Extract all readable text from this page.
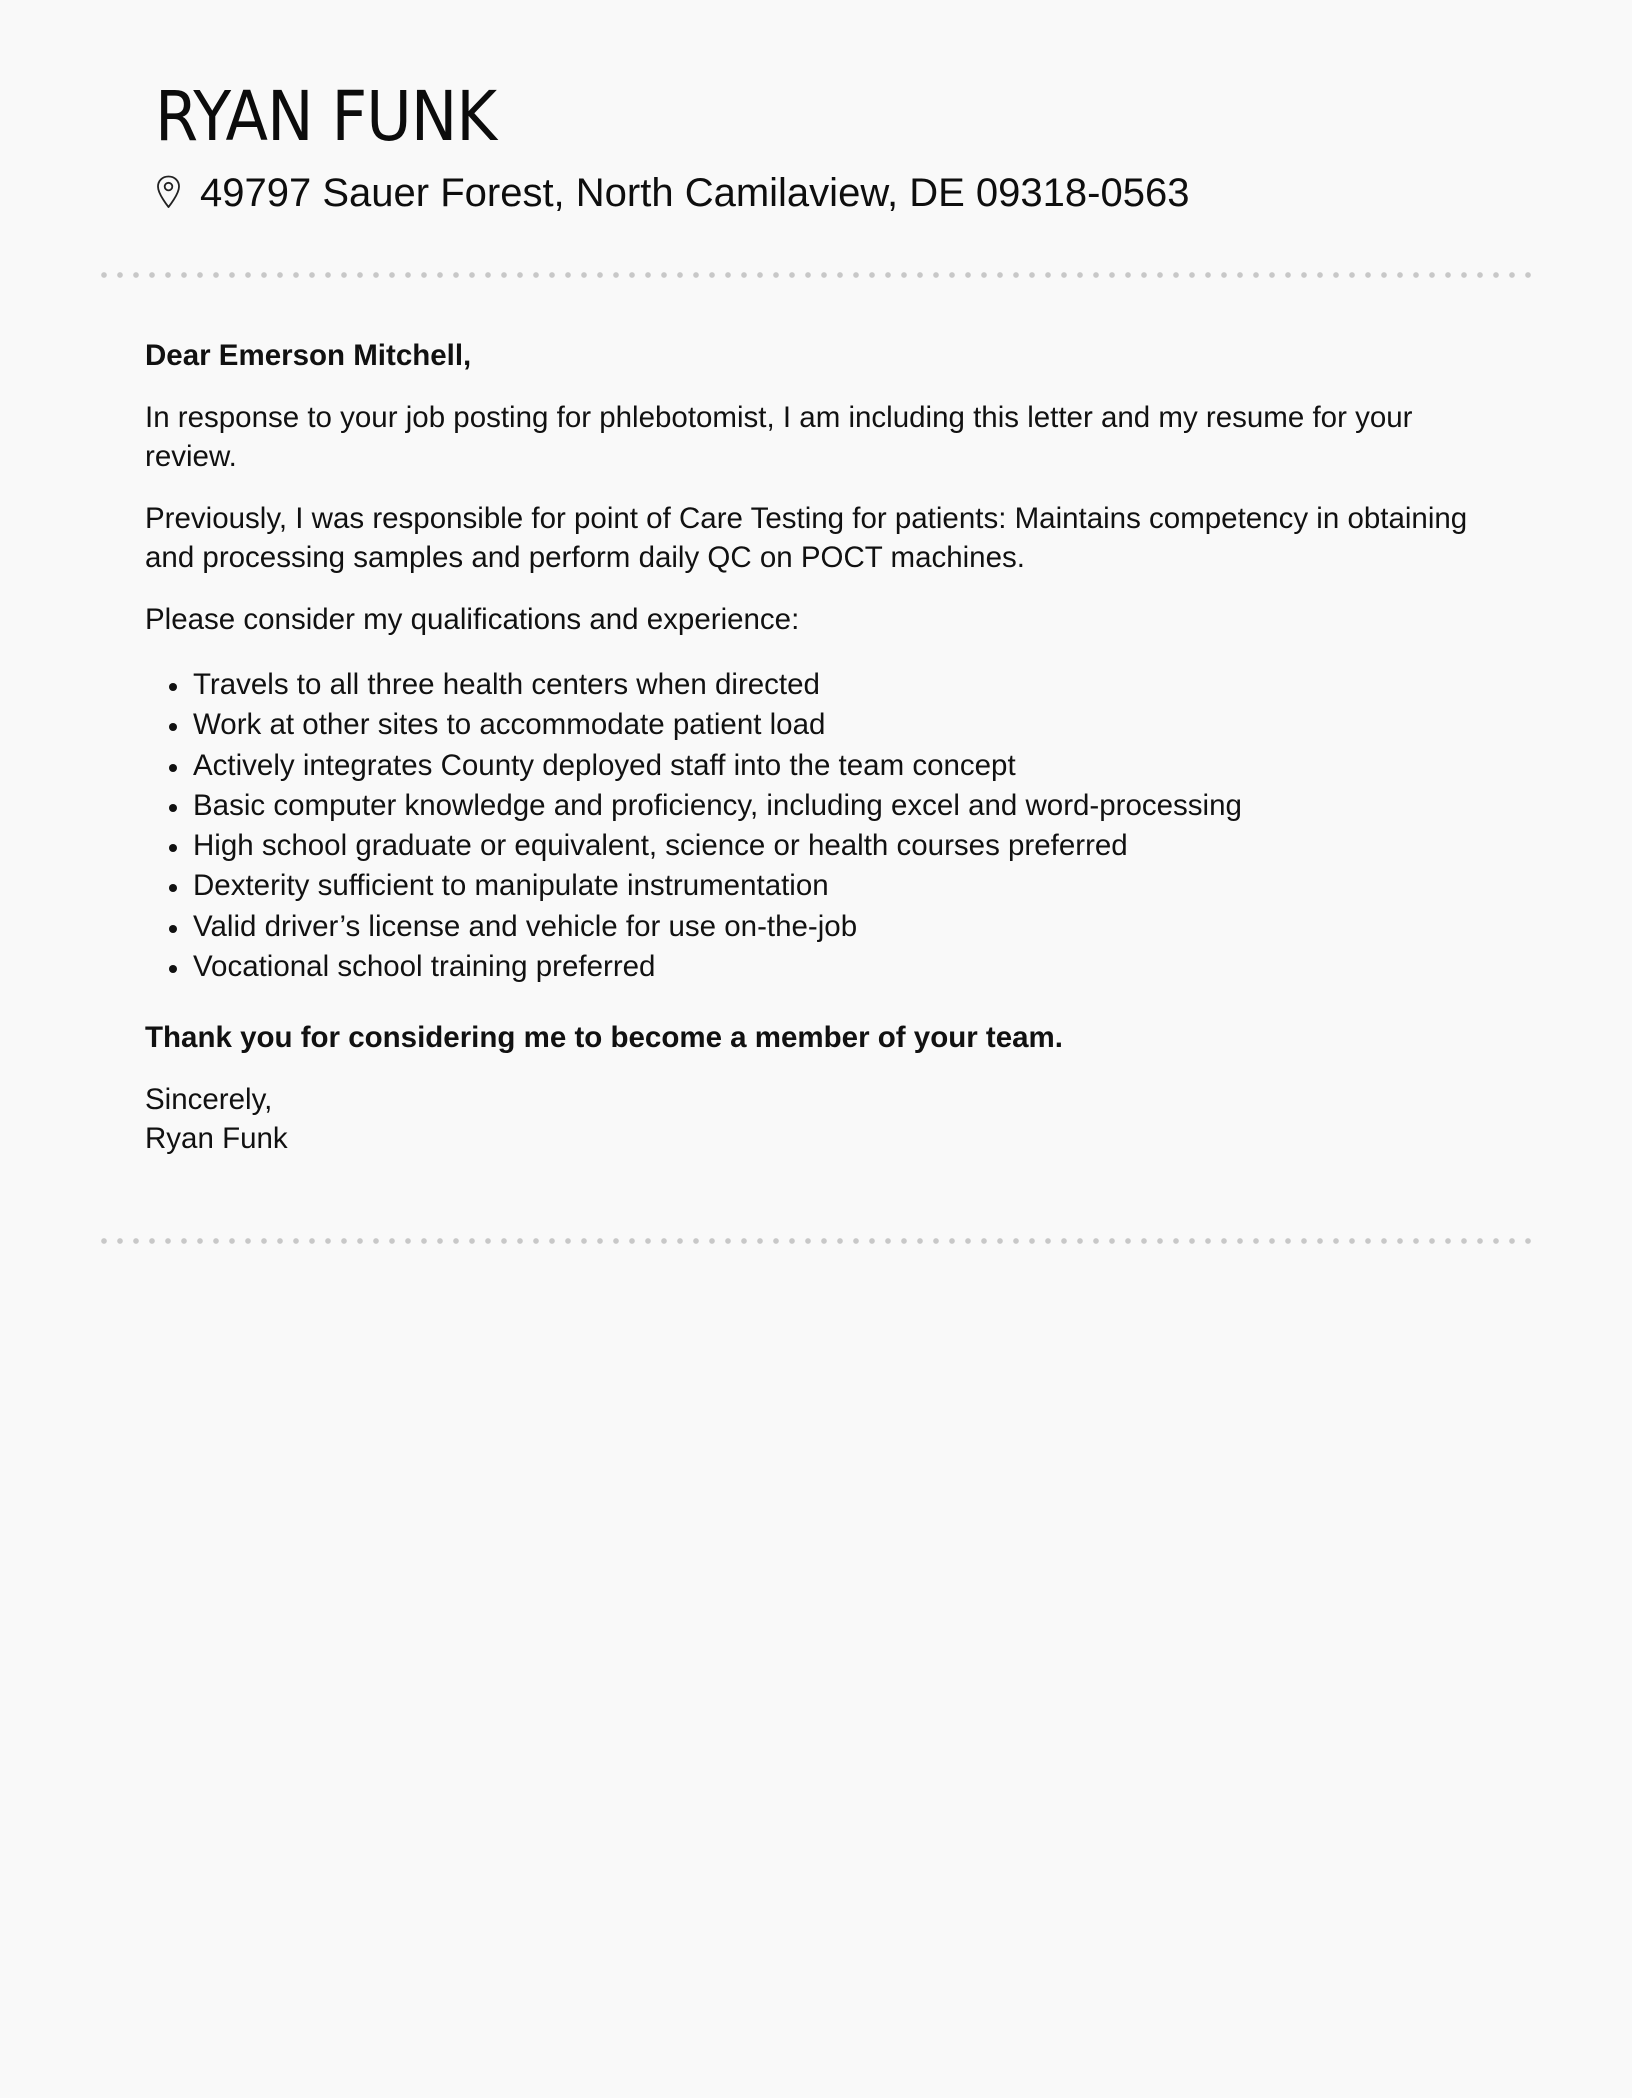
RYAN FUNK
49797 Sauer Forest, North Camilaview, DE 09318-0563

Dear Emerson Mitchell,

In response to your job posting for phlebotomist, I am including this letter and my resume for your review.

Previously, I was responsible for point of Care Testing for patients: Maintains competency in obtaining and processing samples and perform daily QC on POCT machines.

Please consider my qualifications and experience:

Travels to all three health centers when directed
Work at other sites to accommodate patient load
Actively integrates County deployed staff into the team concept
Basic computer knowledge and proficiency, including excel and word-processing
High school graduate or equivalent, science or health courses preferred
Dexterity sufficient to manipulate instrumentation
Valid driver’s license and vehicle for use on-the-job
Vocational school training preferred

Thank you for considering me to become a member of your team.

Sincerely,
Ryan Funk
